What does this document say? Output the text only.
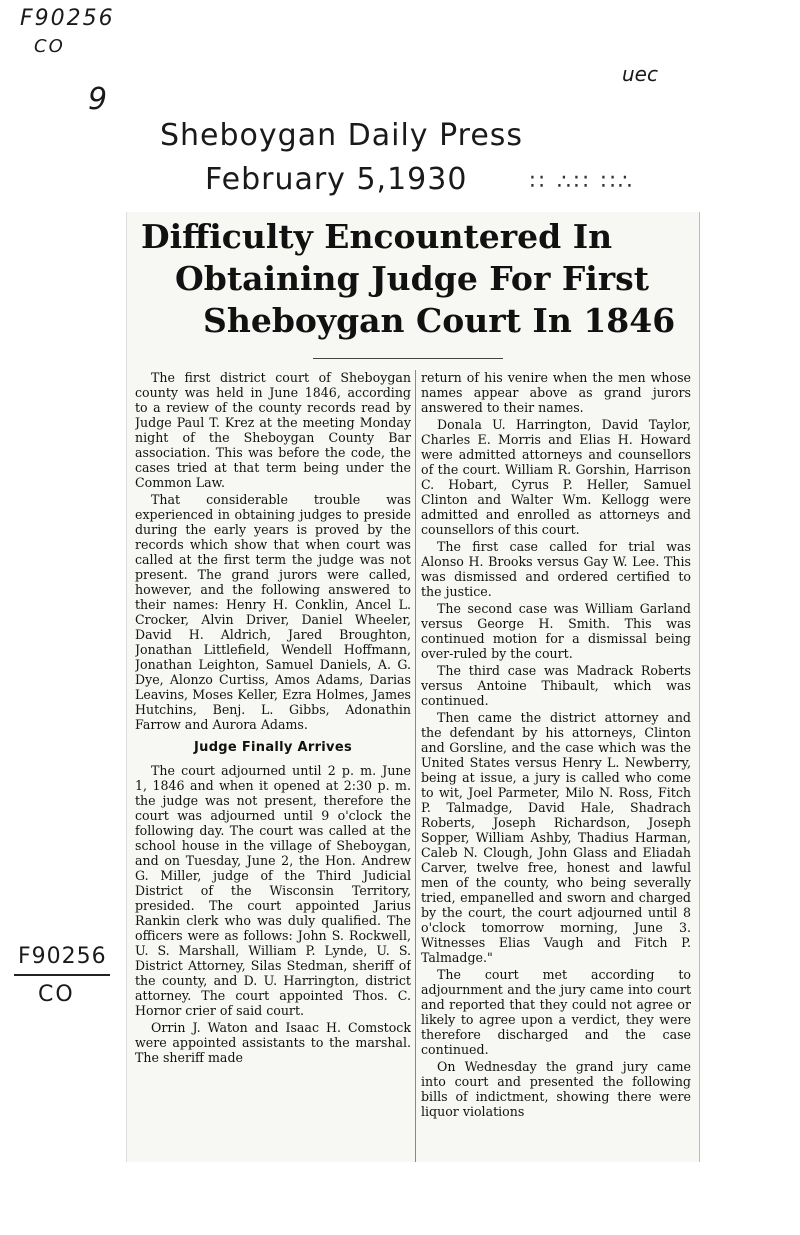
F90256
CO
9
uec
Sheboygan Daily Press
February 5,1930	∷ ∴∷ ∷∴
F90256
CO
Difficulty Encountered In
Obtaining Judge For First
Sheboygan Court In 1846

The first district court of Sheboygan county was held in June 1846, according to a review of the county records read by Judge Paul T. Krez at the meeting Monday night of the Sheboygan County Bar association. This was before the code, the cases tried at that term being under the Common Law.

That considerable trouble was experienced in obtaining judges to preside during the early years is proved by the records which show that when court was called at the first term the judge was not present. The grand jurors were called, however, and the following answered to their names: Henry H. Conklin, Ancel L. Crocker, Alvin Driver, Daniel Wheeler, David H. Aldrich, Jared Broughton, Jonathan Littlefield, Wendell Hoffmann, Jonathan Leighton, Samuel Daniels, A. G. Dye, Alonzo Curtiss, Amos Adams, Darias Leavins, Moses Keller, Ezra Holmes, James Hutchins, Benj. L. Gibbs, Adonathin Farrow and Aurora Adams.

Judge Finally Arrives

The court adjourned until 2 p. m. June 1, 1846 and when it opened at 2:30 p. m. the judge was not present, therefore the court was adjourned until 9 o'clock the following day. The court was called at the school house in the village of Sheboygan, and on Tuesday, June 2, the Hon. Andrew G. Miller, judge of the Third Judicial District of the Wisconsin Territory, presided. The court appointed Jarius Rankin clerk who was duly qualified. The officers were as follows: John S. Rockwell, U. S. Marshall, William P. Lynde, U. S. District Attorney, Silas Stedman, sheriff of the county, and D. U. Harrington, district attorney. The court appointed Thos. C. Hornor crier of said court.

Orrin J. Waton and Isaac H. Comstock were appointed assistants to the marshal. The sheriff made

return of his venire when the men whose names appear above as grand jurors answered to their names.

Donala U. Harrington, David Taylor, Charles E. Morris and Elias H. Howard were admitted attorneys and counsellors of the court. William R. Gorshin, Harrison C. Hobart, Cyrus P. Heller, Samuel Clinton and Walter Wm. Kellogg were admitted and enrolled as attorneys and counsellors of this court.

The first case called for trial was Alonso H. Brooks versus Gay W. Lee. This was dismissed and ordered certified to the justice.

The second case was William Garland versus George H. Smith. This was continued motion for a dismissal being over-ruled by the court.

The third case was Madrack Roberts versus Antoine Thibault, which was continued.

Then came the district attorney and the defendant by his attorneys, Clinton and Gorsline, and the case which was the United States versus Henry L. Newberry, being at issue, a jury is called who come to wit, Joel Parmeter, Milo N. Ross, Fitch P. Talmadge, David Hale, Shadrach Roberts, Joseph Richardson, Joseph Sopper, William Ashby, Thadius Harman, Caleb N. Clough, John Glass and Eliadah Carver, twelve free, honest and lawful men of the county, who being severally tried, empanelled and sworn and charged by the court, the court adjourned until 8 o'clock tomorrow morning, June 3. Witnesses Elias Vaugh and Fitch P. Talmadge."

The court met according to adjournment and the jury came into court and reported that they could not agree or likely to agree upon a verdict, they were therefore discharged and the case continued.

On Wednesday the grand jury came into court and presented the following bills of indictment, showing there were liquor violations
